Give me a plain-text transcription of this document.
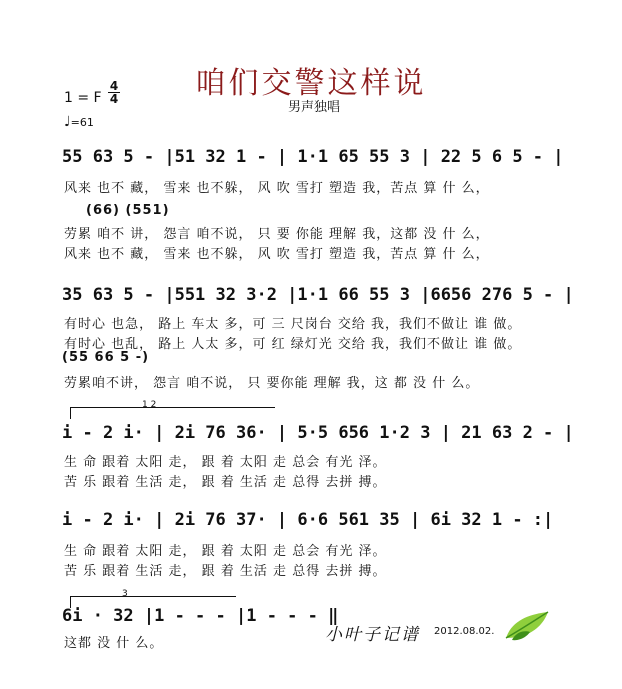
咱们交警这样说
男声独唱
1 = F
4
4
♩=61
55 63 5 - |51 32 1 - | 1·1 65 55 3 | 22 5 6 5 - |
风来 也不 藏， 雪来 也不躲， 风 吹 雪打 塑造 我，苦点 算 什 么，
(66) (551)
劳累 咱不 讲， 怨言 咱不说， 只 要 你能 理解 我，这都 没 什 么，
风来 也不 藏， 雪来 也不躲， 风 吹 雪打 塑造 我，苦点 算 什 么，
35 63 5 - |551 32 3·2 |1·1 66 55 3 |6656 276 5 - |
有时心 也急， 路上 车太 多，可 三 尺岗台 交给 我，我们不做让 谁 做。
有时心 也乱， 路上 人太 多，可 红 绿灯光 交给 我，我们不做让 谁 做。
(55 66 5 -)
劳累咱不讲， 怨言 咱不说， 只 要你能 理解 我，这 都 没 什 么。
1 2
i - 2 i· | 2i 76 36· | 5·5 656 1·2 3 | 21 63 2 - |
生 命 跟着 太阳 走， 跟 着 太阳 走 总会 有光 泽。
苦 乐 跟着 生活 走， 跟 着 生活 走 总得 去拼 搏。
i - 2 i· | 2i 76 37· | 6·6 561 35 | 6i 32 1 - :|
生 命 跟着 太阳 走， 跟 着 太阳 走 总会 有光 泽。
苦 乐 跟着 生活 走， 跟 着 生活 走 总得 去拼 搏。
3
6i · 32 |1 - - - |1 - - - ‖
这都 没 什 么。	小叶子记谱 2012.08.02.
